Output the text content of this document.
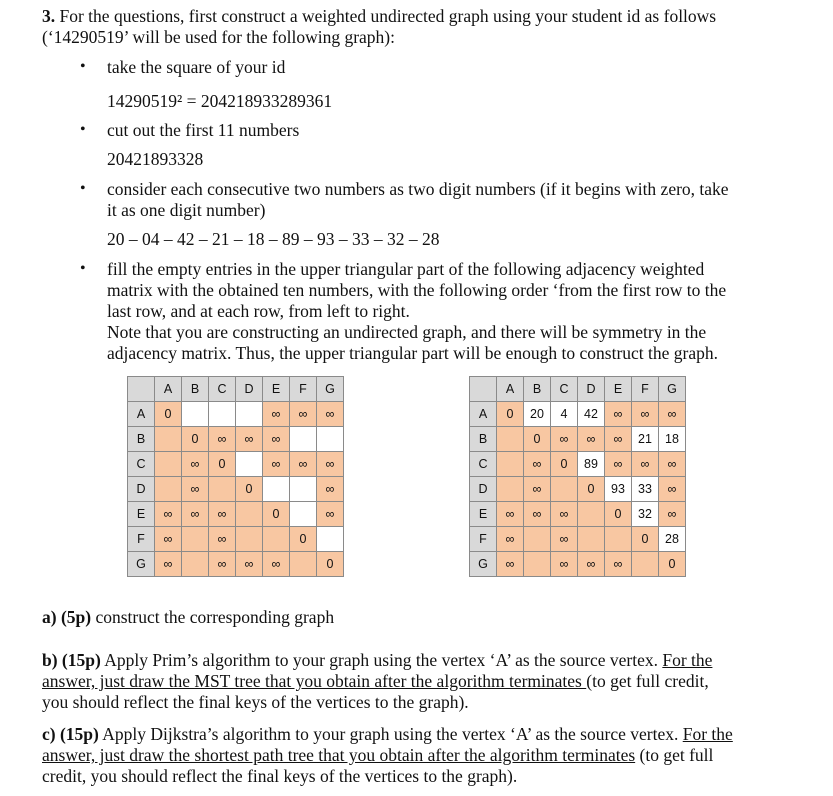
3. For the questions, first construct a weighted undirected graph using your student id as follows
(‘14290519’ will be used for the following graph):
• take the square of your id
14290519² = 204218933289361
• cut out the first 11 numbers
20421893328
• consider each consecutive two numbers as two digit numbers (if it begins with zero, take
it as one digit number)
20 – 04 – 42 – 21 – 18 – 89 – 93 – 33 – 32 – 28
• fill the empty entries in the upper triangular part of the following adjacency weighted
matrix with the obtained ten numbers, with the following order ‘from the first row to the
last row, and at each row, from left to right.
Note that you are constructing an undirected graph, and there will be symmetry in the
adjacency matrix. Thus, the upper triangular part will be enough to construct the graph.
	A	B	C	D	E	F	G
A	0				∞	∞	∞
B		0	∞	∞	∞		
C		∞	0		∞	∞	∞
D		∞		0			∞
E	∞	∞	∞		0		∞
F	∞		∞			0	
G	∞		∞	∞	∞		0
	A	B	C	D	E	F	G
A	0	20	4	42	∞	∞	∞
B		0	∞	∞	∞	21	18
C		∞	0	89	∞	∞	∞
D		∞		0	93	33	∞
E	∞	∞	∞		0	32	∞
F	∞		∞			0	28
G	∞		∞	∞	∞		0
a) (5p) construct the corresponding graph
b) (15p) Apply Prim’s algorithm to your graph using the vertex ‘A’ as the source vertex. For the
answer, just draw the MST tree that you obtain after the algorithm terminates (to get full credit,
you should reflect the final keys of the vertices to the graph).
c) (15p) Apply Dijkstra’s algorithm to your graph using the vertex ‘A’ as the source vertex. For the
answer, just draw the shortest path tree that you obtain after the algorithm terminates (to get full
credit, you should reflect the final keys of the vertices to the graph).
